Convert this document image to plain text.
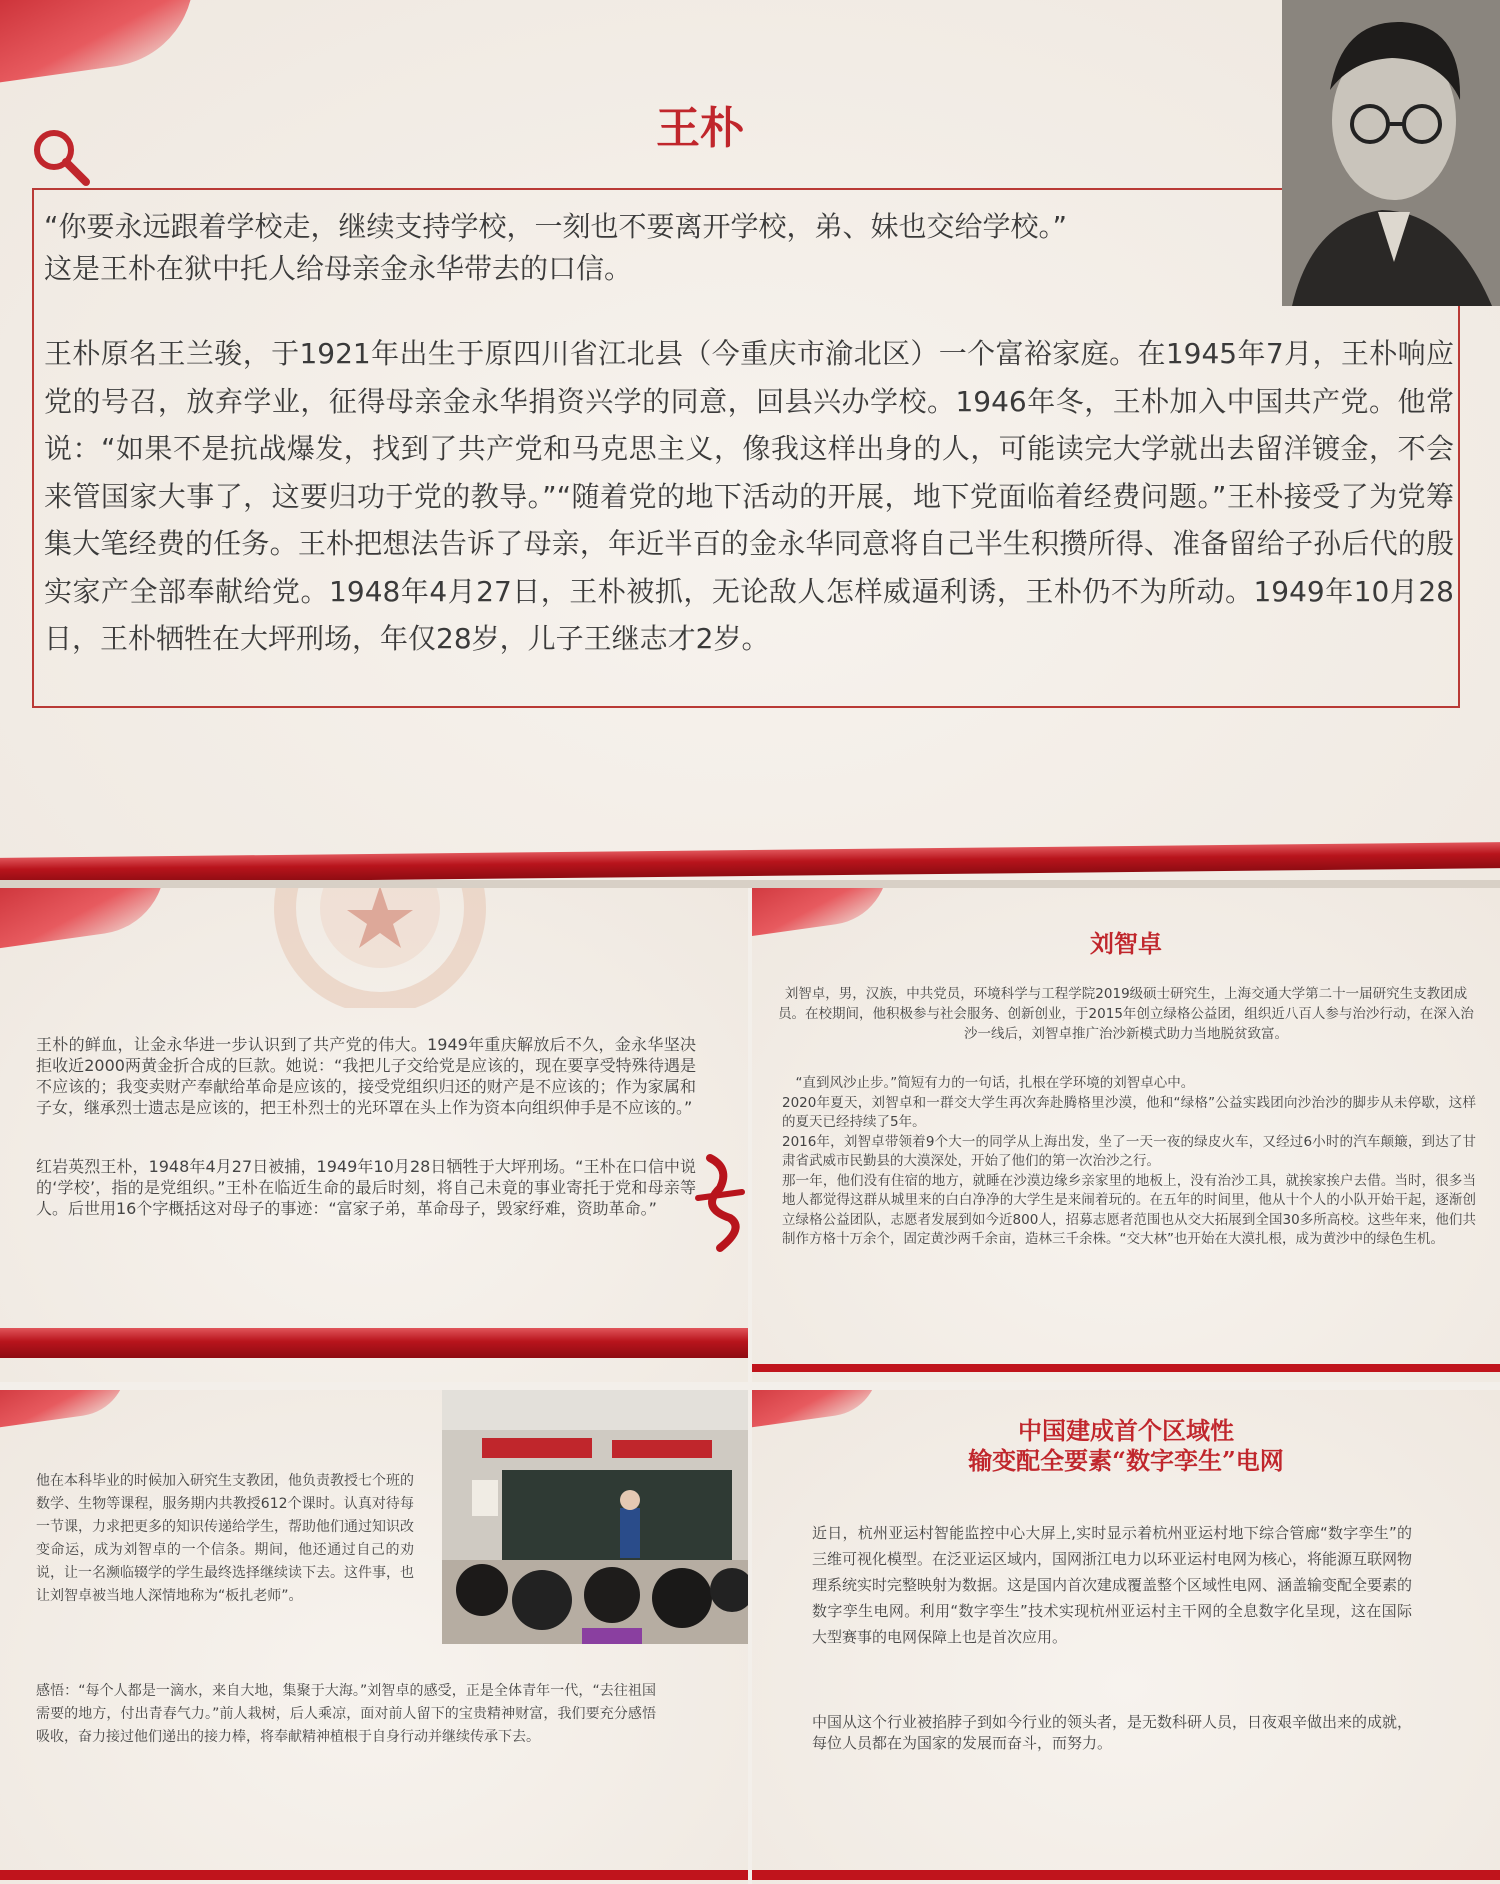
王朴

“你要永远跟着学校走，继续支持学校，一刻也不要离开学校，弟、妹也交给学校。”

这是王朴在狱中托人给母亲金永华带去的口信。

王朴原名王兰骏，于1921年出生于原四川省江北县（今重庆市渝北区）一个富裕家庭。在1945年7月，王朴响应党的号召，放弃学业，征得母亲金永华捐资兴学的同意，回县兴办学校。1946年冬，王朴加入中国共产党。他常说：“如果不是抗战爆发，找到了共产党和马克思主义，像我这样出身的人，可能读完大学就出去留洋镀金，不会来管国家大事了，这要归功于党的教导。”“随着党的地下活动的开展，地下党面临着经费问题。”王朴接受了为党筹集大笔经费的任务。王朴把想法告诉了母亲，年近半百的金永华同意将自己半生积攒所得、准备留给子孙后代的殷实家产全部奉献给党。1948年4月27日，王朴被抓，无论敌人怎样威逼利诱，王朴仍不为所动。1949年10月28日，王朴牺牲在大坪刑场，年仅28岁，儿子王继志才2岁。
王朴的鲜血，让金永华进一步认识到了共产党的伟大。1949年重庆解放后不久，金永华坚决拒收近2000两黄金折合成的巨款。她说：“我把儿子交给党是应该的，现在要享受特殊待遇是不应该的；我变卖财产奉献给革命是应该的，接受党组织归还的财产是不应该的；作为家属和子女，继承烈士遗志是应该的，把王朴烈士的光环罩在头上作为资本向组织伸手是不应该的。”
红岩英烈王朴，1948年4月27日被捕，1949年10月28日牺牲于大坪刑场。“王朴在口信中说的‘学校’，指的是党组织。”王朴在临近生命的最后时刻，将自己未竟的事业寄托于党和母亲等人。后世用16个字概括这对母子的事迹：“富家子弟，革命母子，毁家纾难，资助革命。”
刘智卓
刘智卓，男，汉族，中共党员，环境科学与工程学院2019级硕士研究生，上海交通大学第二十一届研究生支教团成员。在校期间，他积极参与社会服务、创新创业，于2015年创立绿格公益团，组织近八百人参与治沙行动，在深入治沙一线后，刘智卓推广治沙新模式助力当地脱贫致富。

“直到风沙止步。”简短有力的一句话，扎根在学环境的刘智卓心中。

2020年夏天，刘智卓和一群交大学生再次奔赴腾格里沙漠，他和“绿格”公益实践团向沙治沙的脚步从未停歇，这样的夏天已经持续了5年。

2016年，刘智卓带领着9个大一的同学从上海出发，坐了一天一夜的绿皮火车，又经过6小时的汽车颠簸，到达了甘肃省武威市民勤县的大漠深处，开始了他们的第一次治沙之行。

那一年，他们没有住宿的地方，就睡在沙漠边缘乡亲家里的地板上，没有治沙工具，就挨家挨户去借。当时，很多当地人都觉得这群从城里来的白白净净的大学生是来闹着玩的。在五年的时间里，他从十个人的小队开始干起，逐渐创立绿格公益团队，志愿者发展到如今近800人，招募志愿者范围也从交大拓展到全国30多所高校。这些年来，他们共制作方格十万余个，固定黄沙两千余亩，造林三千余株。“交大林”也开始在大漠扎根，成为黄沙中的绿色生机。

他在本科毕业的时候加入研究生支教团，他负责教授七个班的数学、生物等课程，服务期内共教授612个课时。认真对待每一节课，力求把更多的知识传递给学生，帮助他们通过知识改变命运，成为刘智卓的一个信条。期间，他还通过自己的劝说，让一名濒临辍学的学生最终选择继续读下去。这件事，也让刘智卓被当地人深情地称为“板扎老师”。
感悟：“每个人都是一滴水，来自大地，集聚于大海。”刘智卓的感受，正是全体青年一代，“去往祖国需要的地方，付出青春气力。”前人栽树，后人乘凉，面对前人留下的宝贵精神财富，我们要充分感悟吸收，奋力接过他们递出的接力棒，将奉献精神植根于自身行动并继续传承下去。
中国建成首个区域性
输变配全要素“数字孪生”电网
近日，杭州亚运村智能监控中心大屏上,实时显示着杭州亚运村地下综合管廊“数字孪生”的三维可视化模型。在泛亚运区域内，国网浙江电力以环亚运村电网为核心，将能源互联网物理系统实时完整映射为数据。这是国内首次建成覆盖整个区域性电网、涵盖输变配全要素的数字孪生电网。利用“数字孪生”技术实现杭州亚运村主干网的全息数字化呈现，这在国际大型赛事的电网保障上也是首次应用。
中国从这个行业被掐脖子到如今行业的领头者，是无数科研人员，日夜艰辛做出来的成就，每位人员都在为国家的发展而奋斗，而努力。
